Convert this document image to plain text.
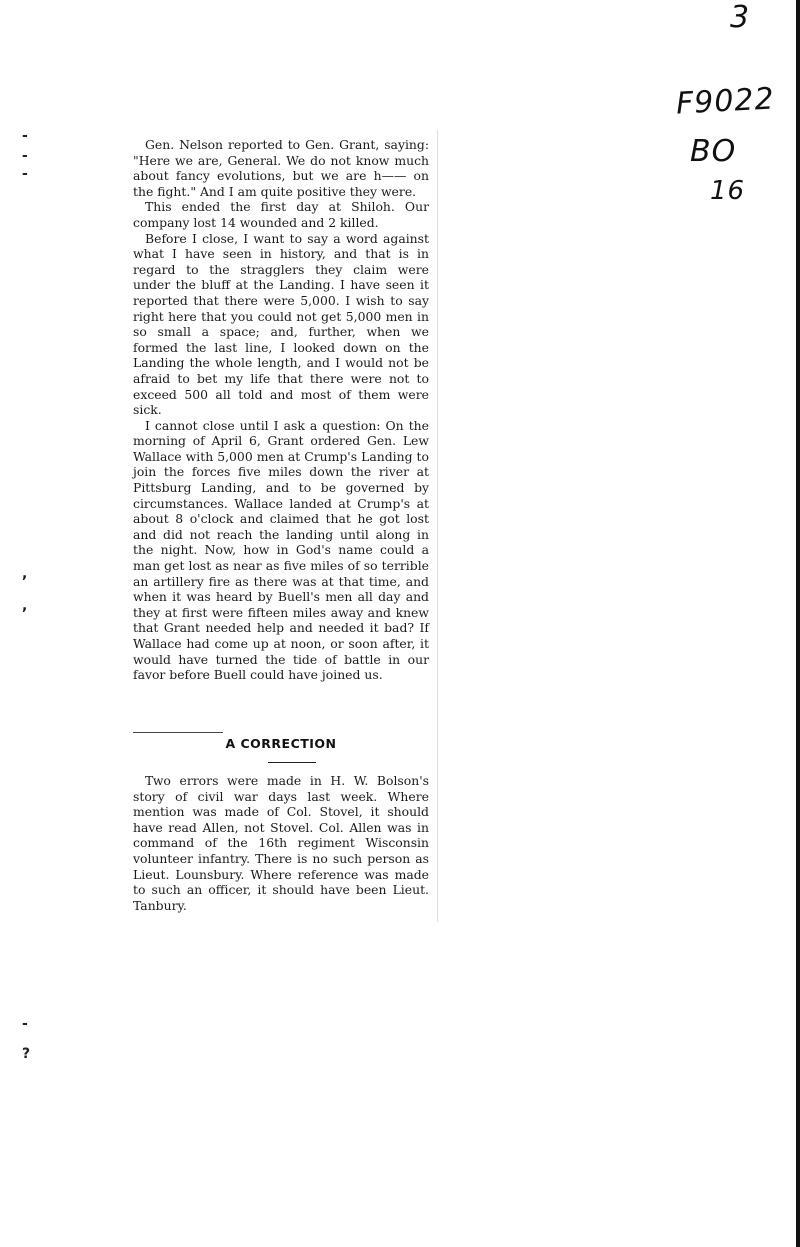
-
-
-
,
,
-
?
3
F9022
BO
16

Gen. Nelson reported to Gen. Grant, saying: "Here we are, General. We do not know much about fancy evolutions, but we are h—— on the fight." And I am quite positive they were.

This ended the first day at Shiloh. Our company lost 14 wounded and 2 killed.

Before I close, I want to say a word against what I have seen in history, and that is in regard to the stragglers they claim were under the bluff at the Landing. I have seen it reported that there were 5,000. I wish to say right here that you could not get 5,000 men in so small a space; and, further, when we formed the last line, I looked down on the Landing the whole length, and I would not be afraid to bet my life that there were not to exceed 500 all told and most of them were sick.

I cannot close until I ask a question: On the morning of April 6, Grant ordered Gen. Lew Wallace with 5,000 men at Crump's Landing to join the forces five miles down the river at Pittsburg Landing, and to be governed by circumstances. Wallace landed at Crump's at about 8 o'clock and claimed that he got lost and did not reach the landing until along in the night. Now, how in God's name could a man get lost as near as five miles of so terrible an artillery fire as there was at that time, and when it was heard by Buell's men all day and they at first were fifteen miles away and knew that Grant needed help and needed it bad? If Wallace had come up at noon, or soon after, it would have turned the tide of battle in our favor before Buell could have joined us.

A CORRECTION

Two errors were made in H. W. Bolson's story of civil war days last week. Where mention was made of Col. Stovel, it should have read Allen, not Stovel. Col. Allen was in command of the 16th regiment Wisconsin volunteer infantry. There is no such person as Lieut. Lounsbury. Where reference was made to such an officer, it should have been Lieut. Tanbury.
